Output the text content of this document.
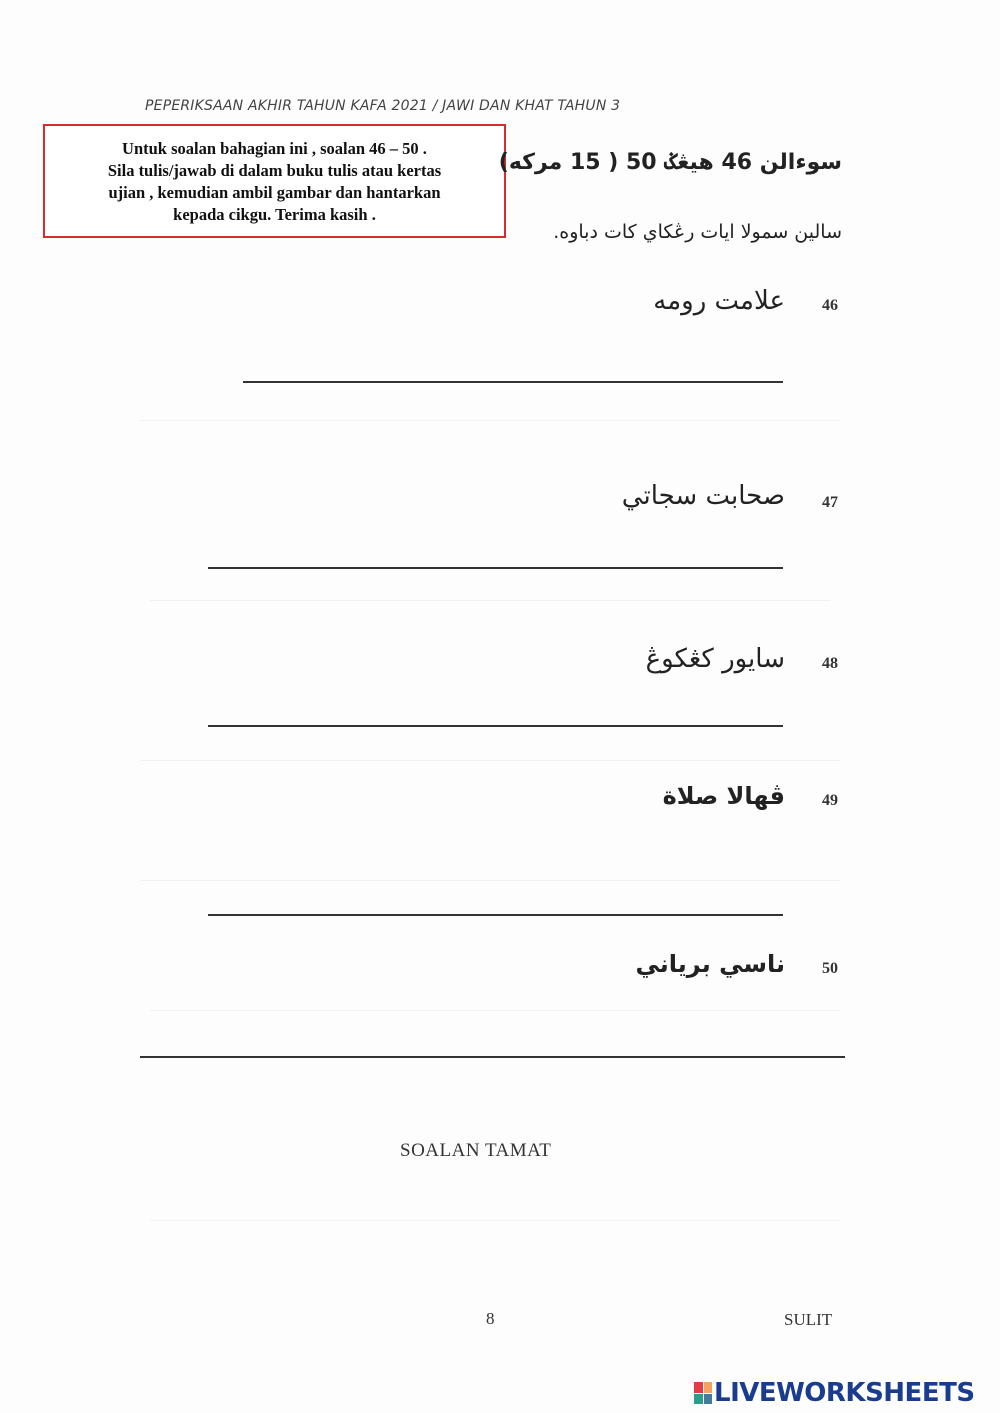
PEPERIKSAAN AKHIR TAHUN KAFA 2021 / JAWI DAN KHAT TAHUN 3
Untuk soalan bahagian ini , soalan 46 – 50 .
Sila tulis/jawab di dalam buku tulis atau kertas
ujian , kemudian ambil gambar dan hantarkan
kepada cikgu. Terima kasih .
سوءالن 46 هيڠݢ 50 ( 15 مركه)
سالين سمولا ايات رڠکاي كات دباوه.
46
علامت رومه
47
صحابت سجاتي
48
سايور كڠكوڠ
49
ڤهالا صلاة
50
ناسي برياني
SOALAN TAMAT
8	SULIT
LIVEWORKSHEETS
